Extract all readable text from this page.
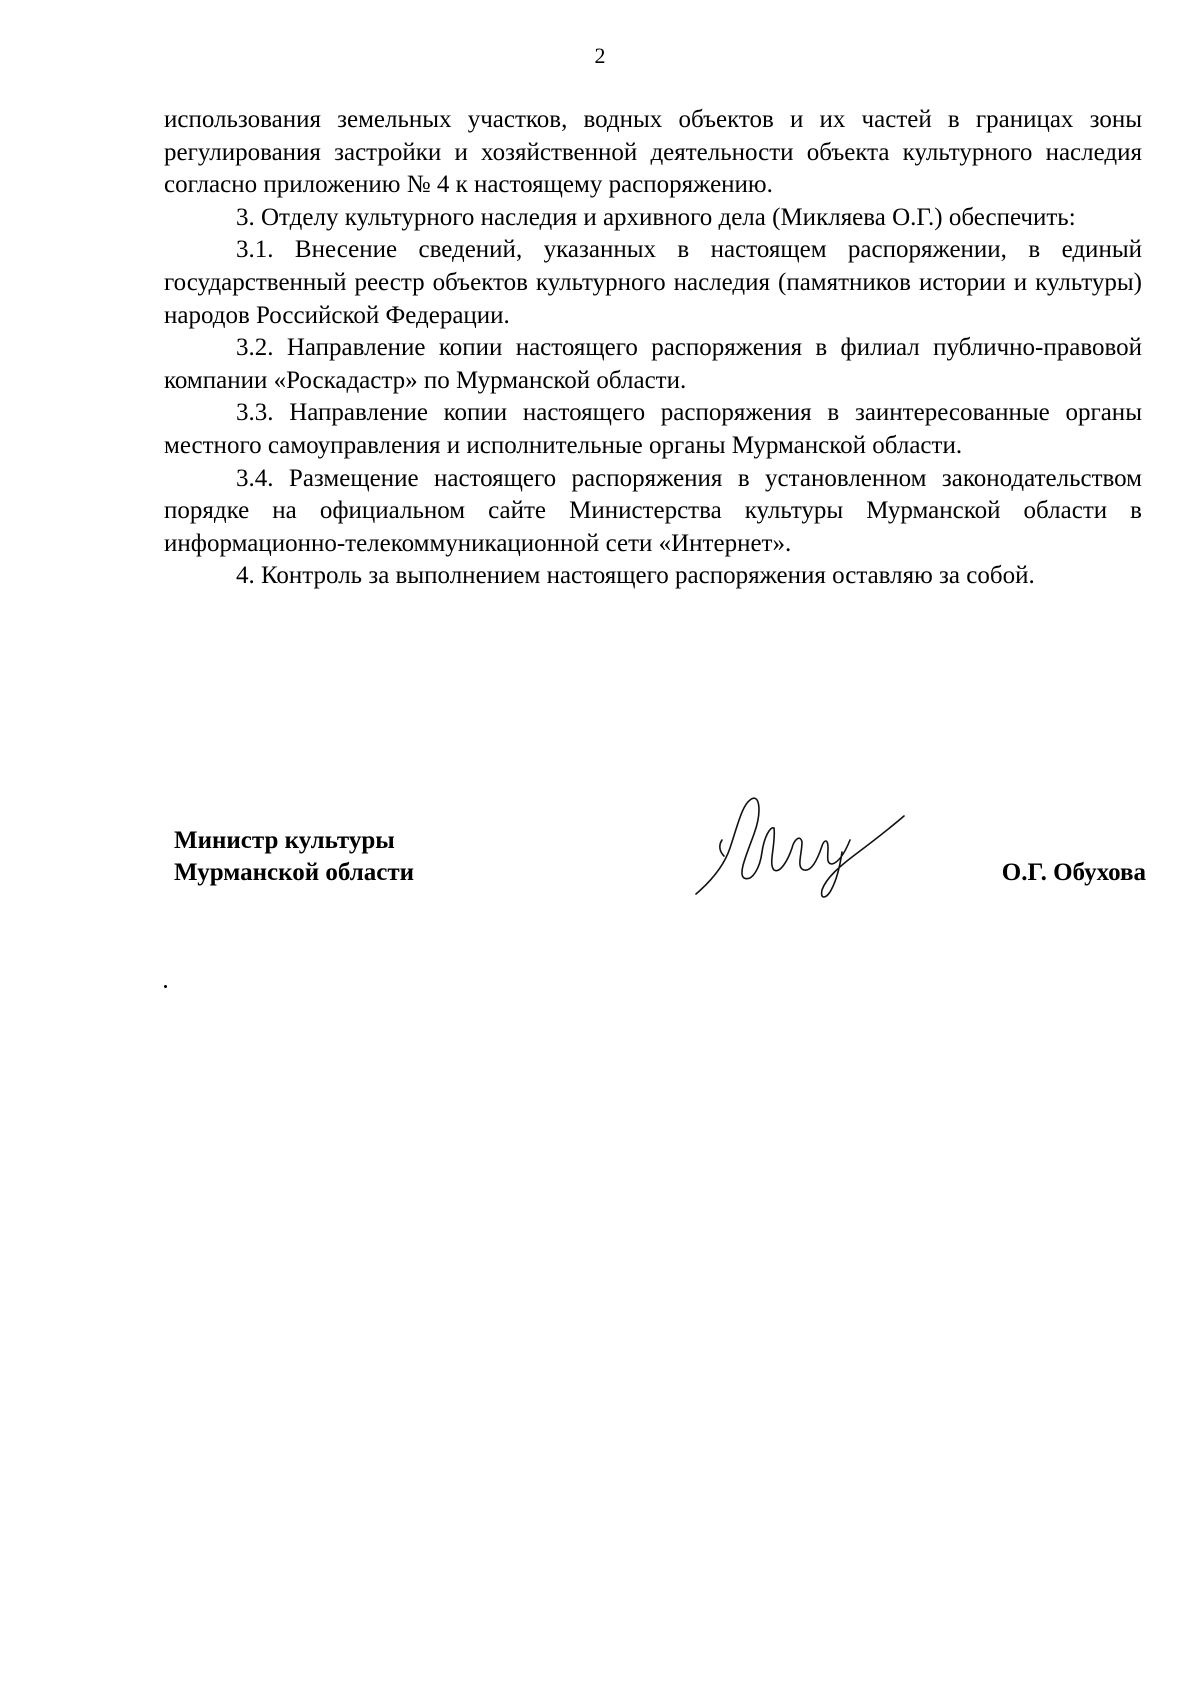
2

использования земельных участков, водных объектов и их частей в границах зоны регулирования застройки и хозяйственной деятельности объекта культурного наследия согласно приложению № 4 к настоящему распоряжению.

3. Отделу культурного наследия и архивного дела (Микляева О.Г.) обеспечить:

3.1. Внесение сведений, указанных в настоящем распоряжении, в единый государственный реестр объектов культурного наследия (памятников истории и культуры) народов Российской Федерации.

3.2. Направление копии настоящего распоряжения в филиал публично-правовой компании «Роскадастр» по Мурманской области.

3.3. Направление копии настоящего распоряжения в заинтересованные органы местного самоуправления и исполнительные органы Мурманской области.

3.4. Размещение настоящего распоряжения в установленном законодательством порядке на официальном сайте Министерства культуры Мурманской области в информационно-телекоммуникационной сети «Интернет».

4. Контроль за выполнением настоящего распоряжения оставляю за собой.

Министр культуры
Мурманской области	О.Г. Обухова
